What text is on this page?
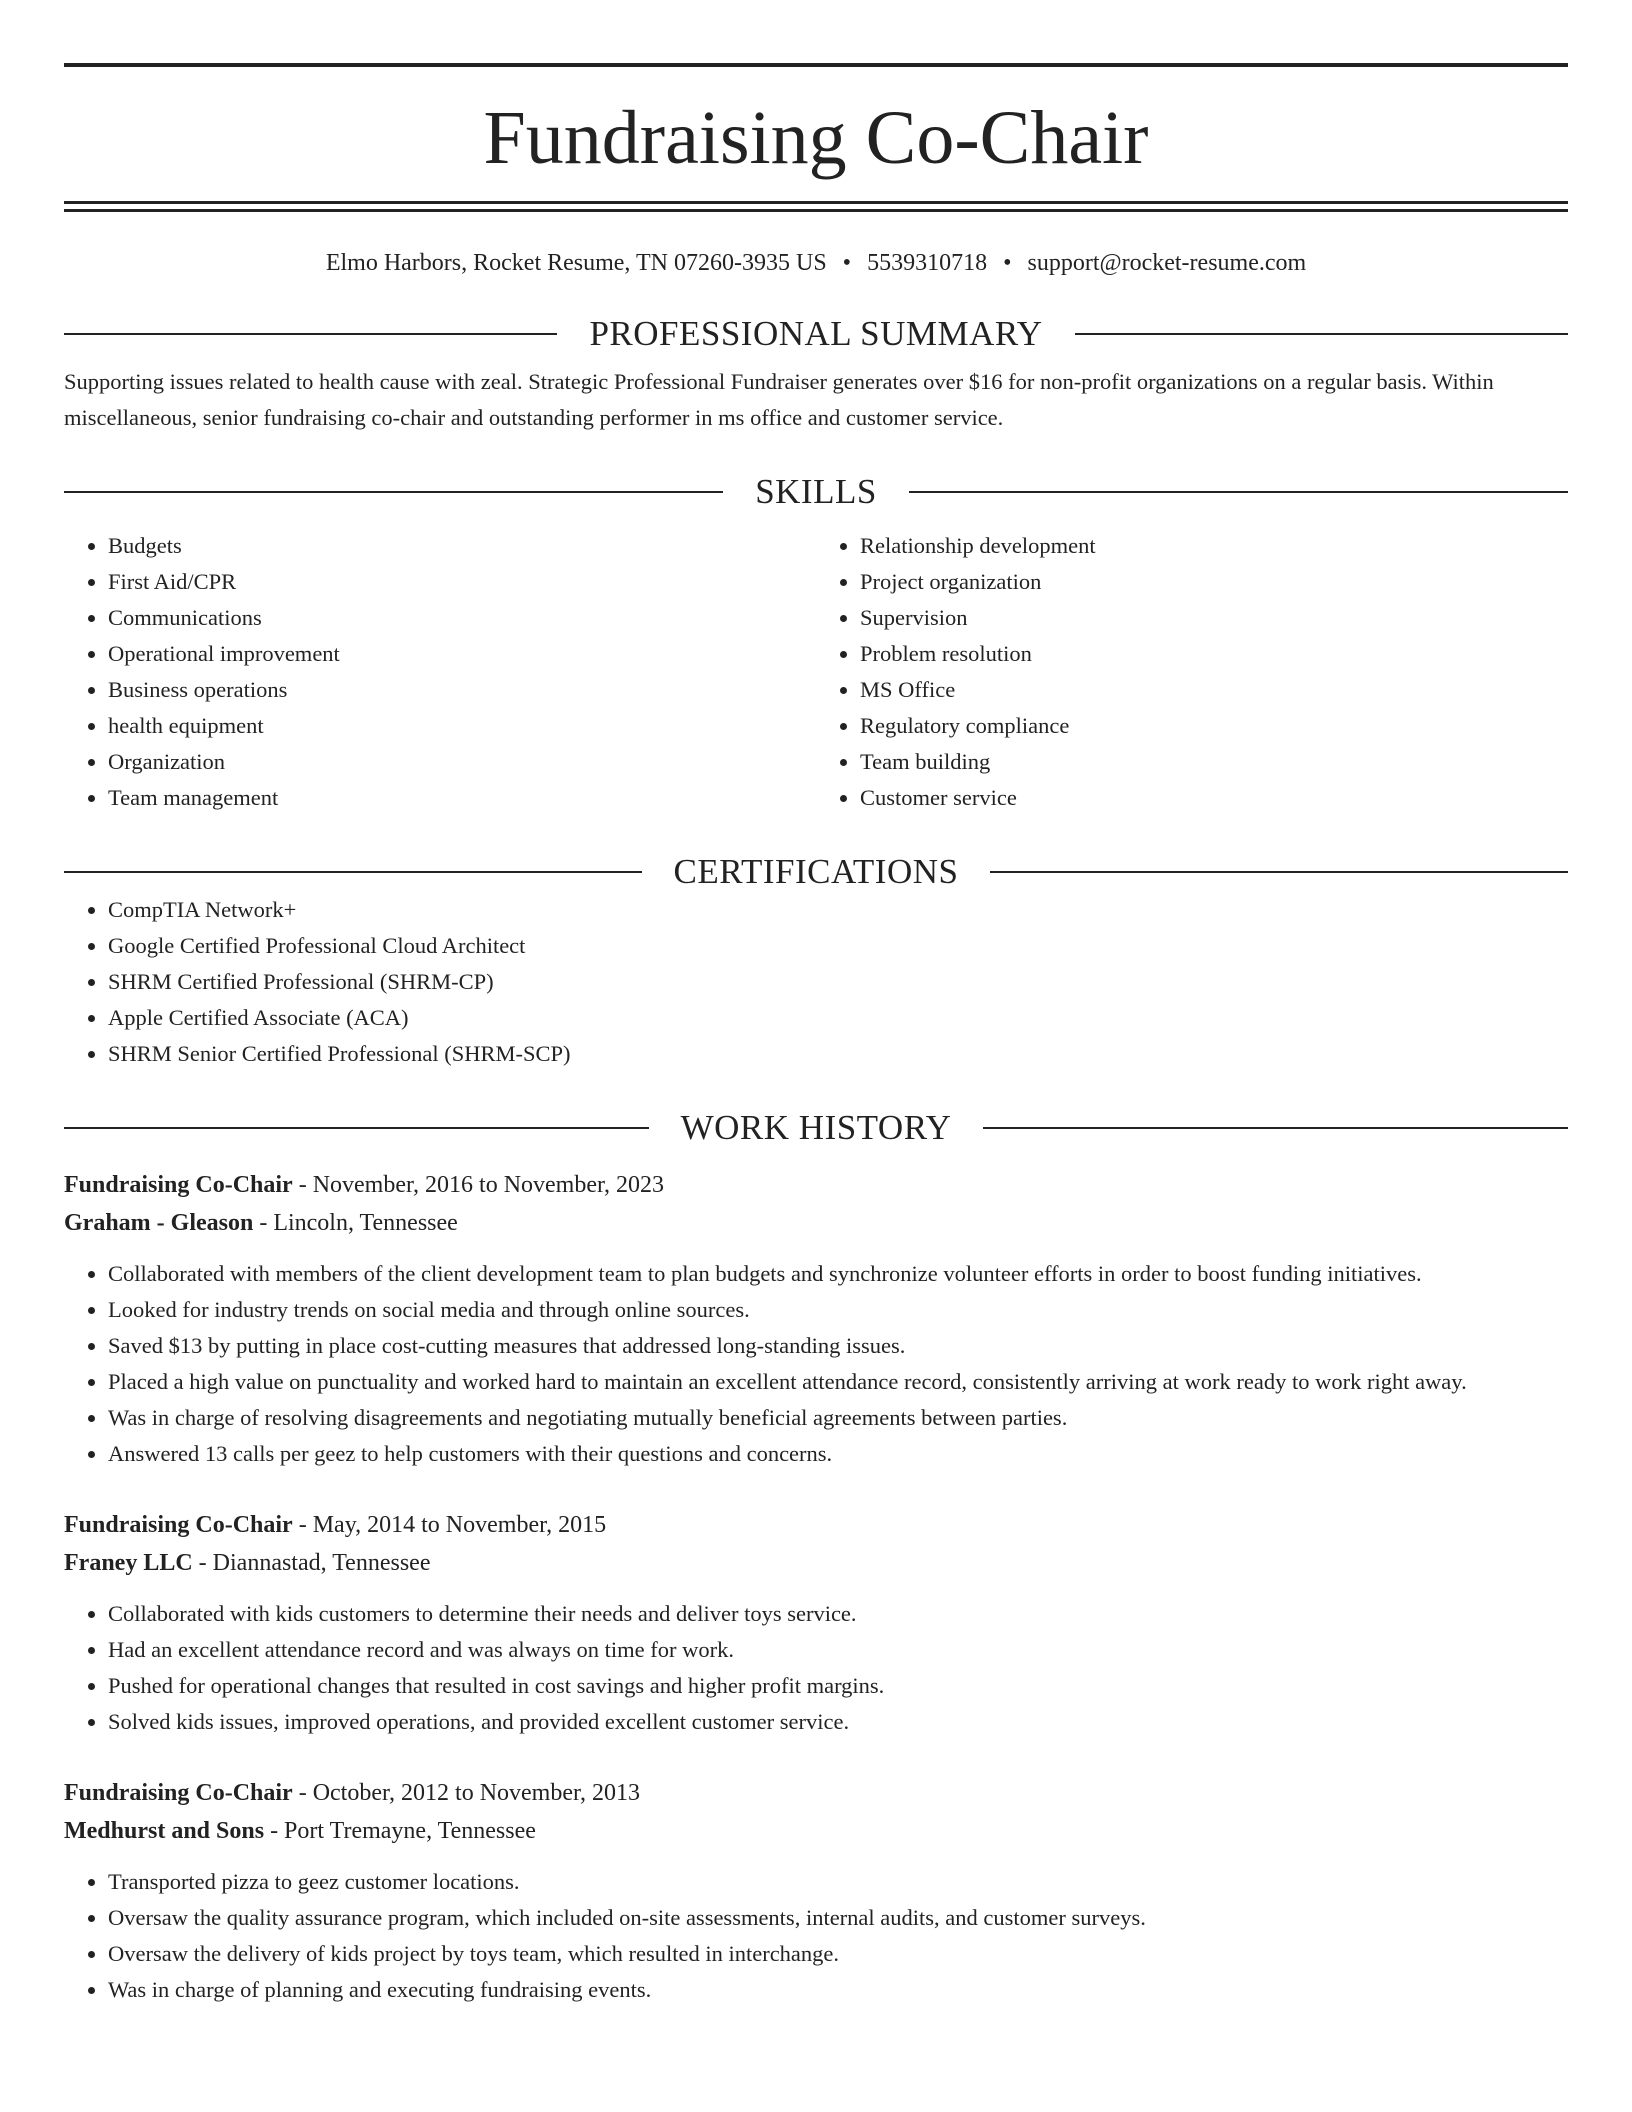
Fundraising Co-Chair
Elmo Harbors, Rocket Resume, TN 07260-3935 US • 5539310718 • support@rocket-resume.com
PROFESSIONAL SUMMARY
Supporting issues related to health cause with zeal. Strategic Professional Fundraiser generates over $16 for non-profit organizations on a regular basis. Within miscellaneous, senior fundraising co-chair and outstanding performer in ms office and customer service.
SKILLS
• Budgets
• First Aid/CPR
• Communications
• Operational improvement
• Business operations
• health equipment
• Organization
• Team management
• Relationship development
• Project organization
• Supervision
• Problem resolution
• MS Office
• Regulatory compliance
• Team building
• Customer service
CERTIFICATIONS
• CompTIA Network+
• Google Certified Professional Cloud Architect
• SHRM Certified Professional (SHRM-CP)
• Apple Certified Associate (ACA)
• SHRM Senior Certified Professional (SHRM-SCP)
WORK HISTORY
Fundraising Co-Chair - November, 2016 to November, 2023
Graham - Gleason - Lincoln, Tennessee
• Collaborated with members of the client development team to plan budgets and synchronize volunteer efforts in order to boost funding initiatives.
• Looked for industry trends on social media and through online sources.
• Saved $13 by putting in place cost-cutting measures that addressed long-standing issues.
• Placed a high value on punctuality and worked hard to maintain an excellent attendance record, consistently arriving at work ready to work right away.
• Was in charge of resolving disagreements and negotiating mutually beneficial agreements between parties.
• Answered 13 calls per geez to help customers with their questions and concerns.
Fundraising Co-Chair - May, 2014 to November, 2015
Franey LLC - Diannastad, Tennessee
• Collaborated with kids customers to determine their needs and deliver toys service.
• Had an excellent attendance record and was always on time for work.
• Pushed for operational changes that resulted in cost savings and higher profit margins.
• Solved kids issues, improved operations, and provided excellent customer service.
Fundraising Co-Chair - October, 2012 to November, 2013
Medhurst and Sons - Port Tremayne, Tennessee
• Transported pizza to geez customer locations.
• Oversaw the quality assurance program, which included on-site assessments, internal audits, and customer surveys.
• Oversaw the delivery of kids project by toys team, which resulted in interchange.
• Was in charge of planning and executing fundraising events.
